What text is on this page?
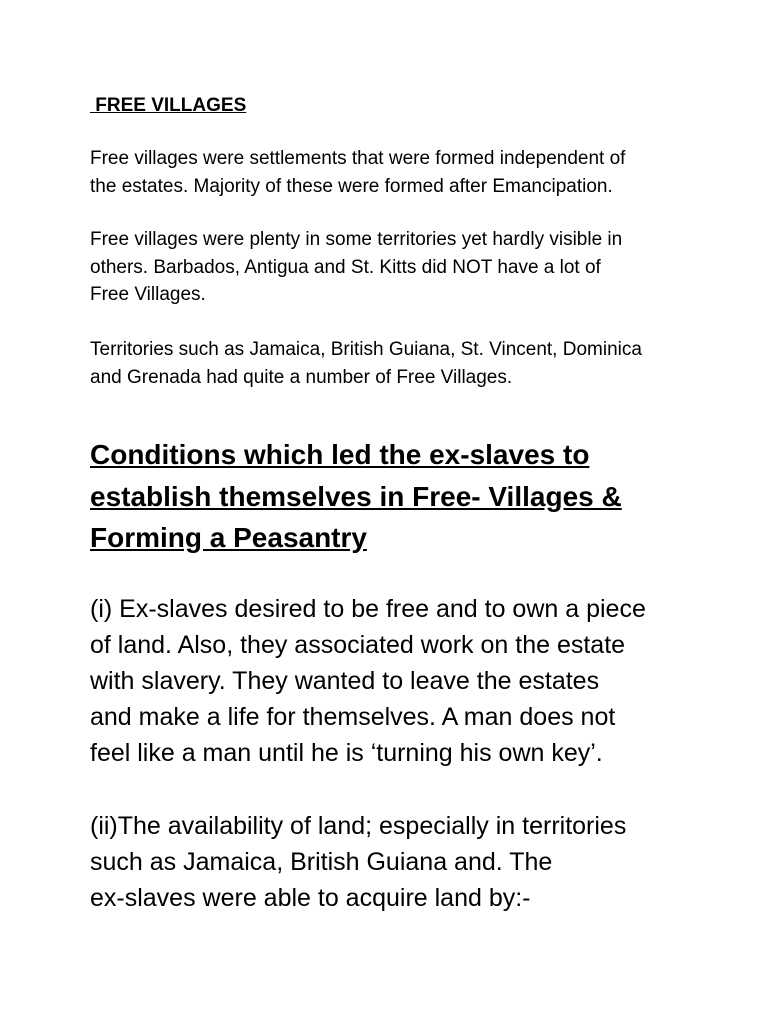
FREE VILLAGES

Free villages were settlements that were formed independent of
the estates. Majority of these were formed after Emancipation.

Free villages were plenty in some territories yet hardly visible in
others. Barbados, Antigua and St. Kitts did NOT have a lot of
Free Villages.

Territories such as Jamaica, British Guiana, St. Vincent, Dominica
and Grenada had quite a number of Free Villages.

Conditions which led the ex-slaves to
establish themselves in Free- Villages &
Forming a Peasantry

(i) Ex-slaves desired to be free and to own a piece
of land. Also, they associated work on the estate
with slavery. They wanted to leave the estates
and make a life for themselves. A man does not
feel like a man until he is ‘turning his own key’.

(ii)The availability of land; especially in territories
such as Jamaica, British Guiana and. The
ex-slaves were able to acquire land by:-
